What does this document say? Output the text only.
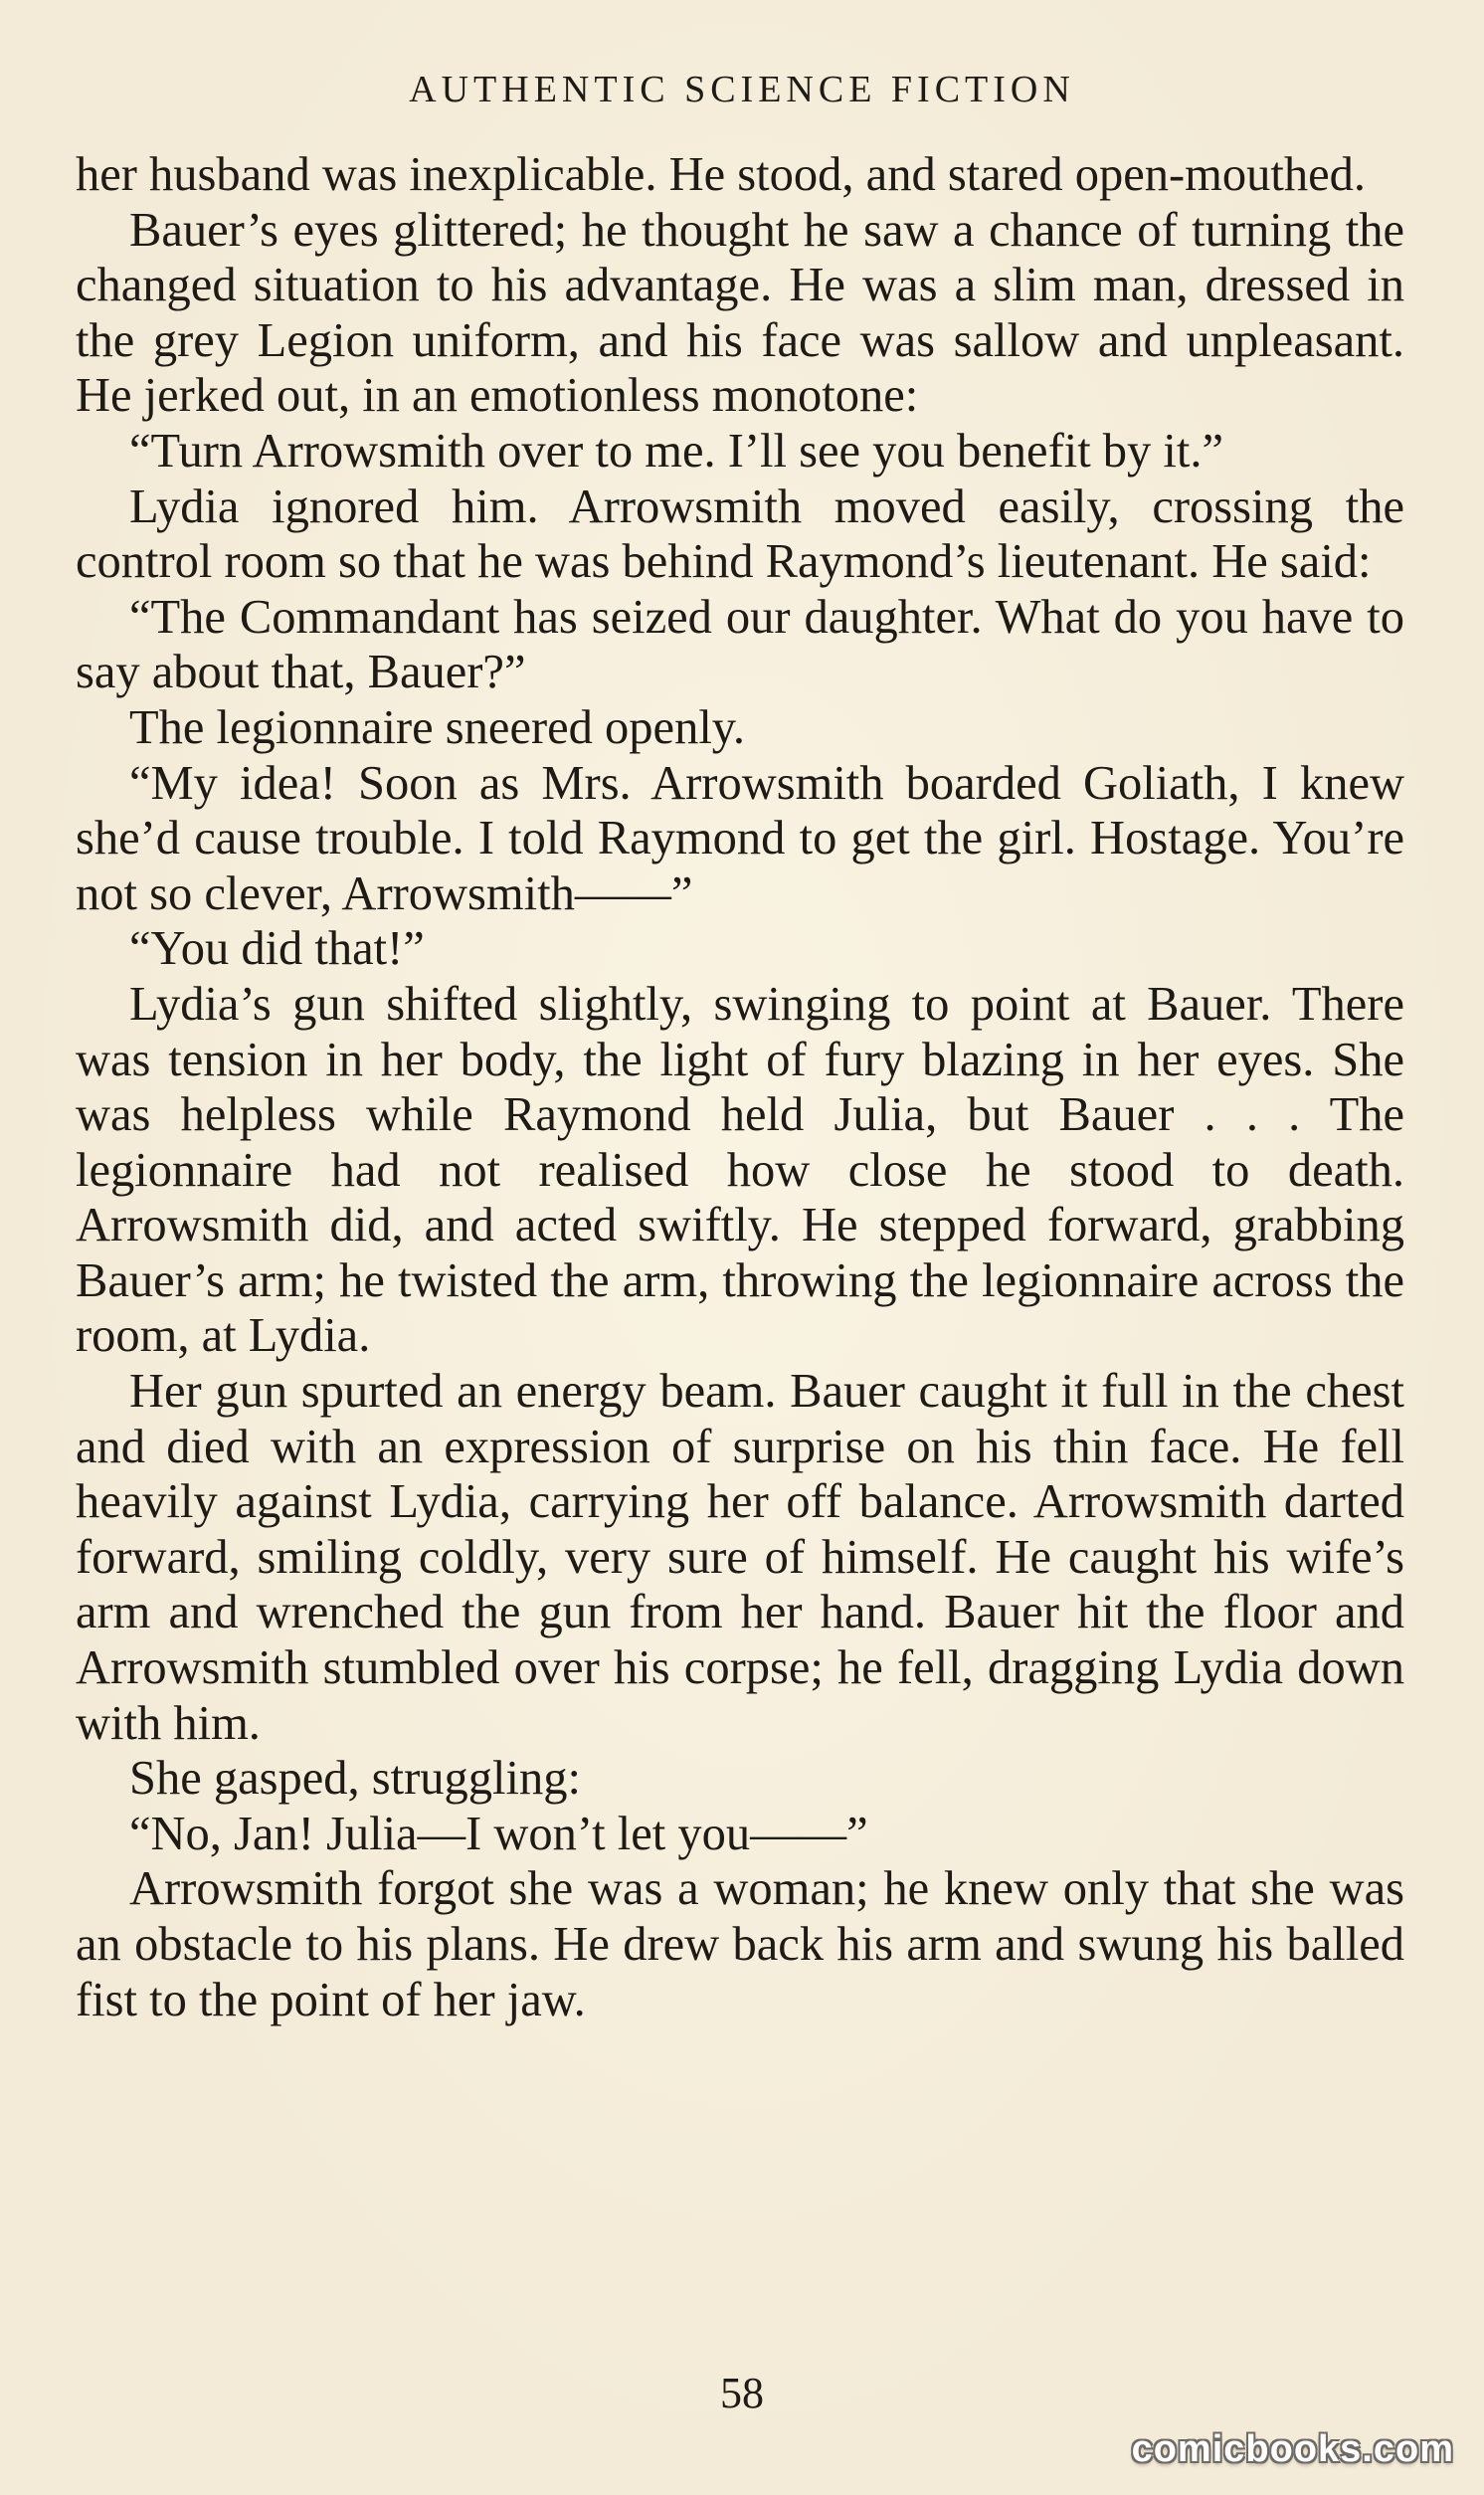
AUTHENTIC SCIENCE FICTION

her husband was inexplicable. He stood, and stared open-mouthed.

Bauer’s eyes glittered; he thought he saw a chance of turning the changed situation to his advantage. He was a slim man, dressed in the grey Legion uniform, and his face was sallow and unpleasant. He jerked out, in an emotionless monotone:

“Turn Arrowsmith over to me. I’ll see you benefit by it.”

Lydia ignored him. Arrowsmith moved easily, crossing the control room so that he was behind Raymond’s lieutenant. He said:

“The Commandant has seized our daughter. What do you have to say about that, Bauer?”

The legionnaire sneered openly.

“My idea! Soon as Mrs. Arrowsmith boarded Goliath, I knew she’d cause trouble. I told Raymond to get the girl. Hostage. You’re not so clever, Arrowsmith——”

“You did that!”

Lydia’s gun shifted slightly, swinging to point at Bauer. There was tension in her body, the light of fury blazing in her eyes. She was helpless while Raymond held Julia, but Bauer . . . The legionnaire had not realised how close he stood to death. Arrowsmith did, and acted swiftly. He stepped forward, grabbing Bauer’s arm; he twisted the arm, throwing the legionnaire across the room, at Lydia.

Her gun spurted an energy beam. Bauer caught it full in the chest and died with an expression of surprise on his thin face. He fell heavily against Lydia, carrying her off balance. Arrowsmith darted forward, smiling coldly, very sure of himself. He caught his wife’s arm and wrenched the gun from her hand. Bauer hit the floor and Arrowsmith stumbled over his corpse; he fell, dragging Lydia down with him.

She gasped, struggling:

“No, Jan! Julia—I won’t let you——”

Arrowsmith forgot she was a woman; he knew only that she was an obstacle to his plans. He drew back his arm and swung his balled fist to the point of her jaw.

58
comicbooks.com
